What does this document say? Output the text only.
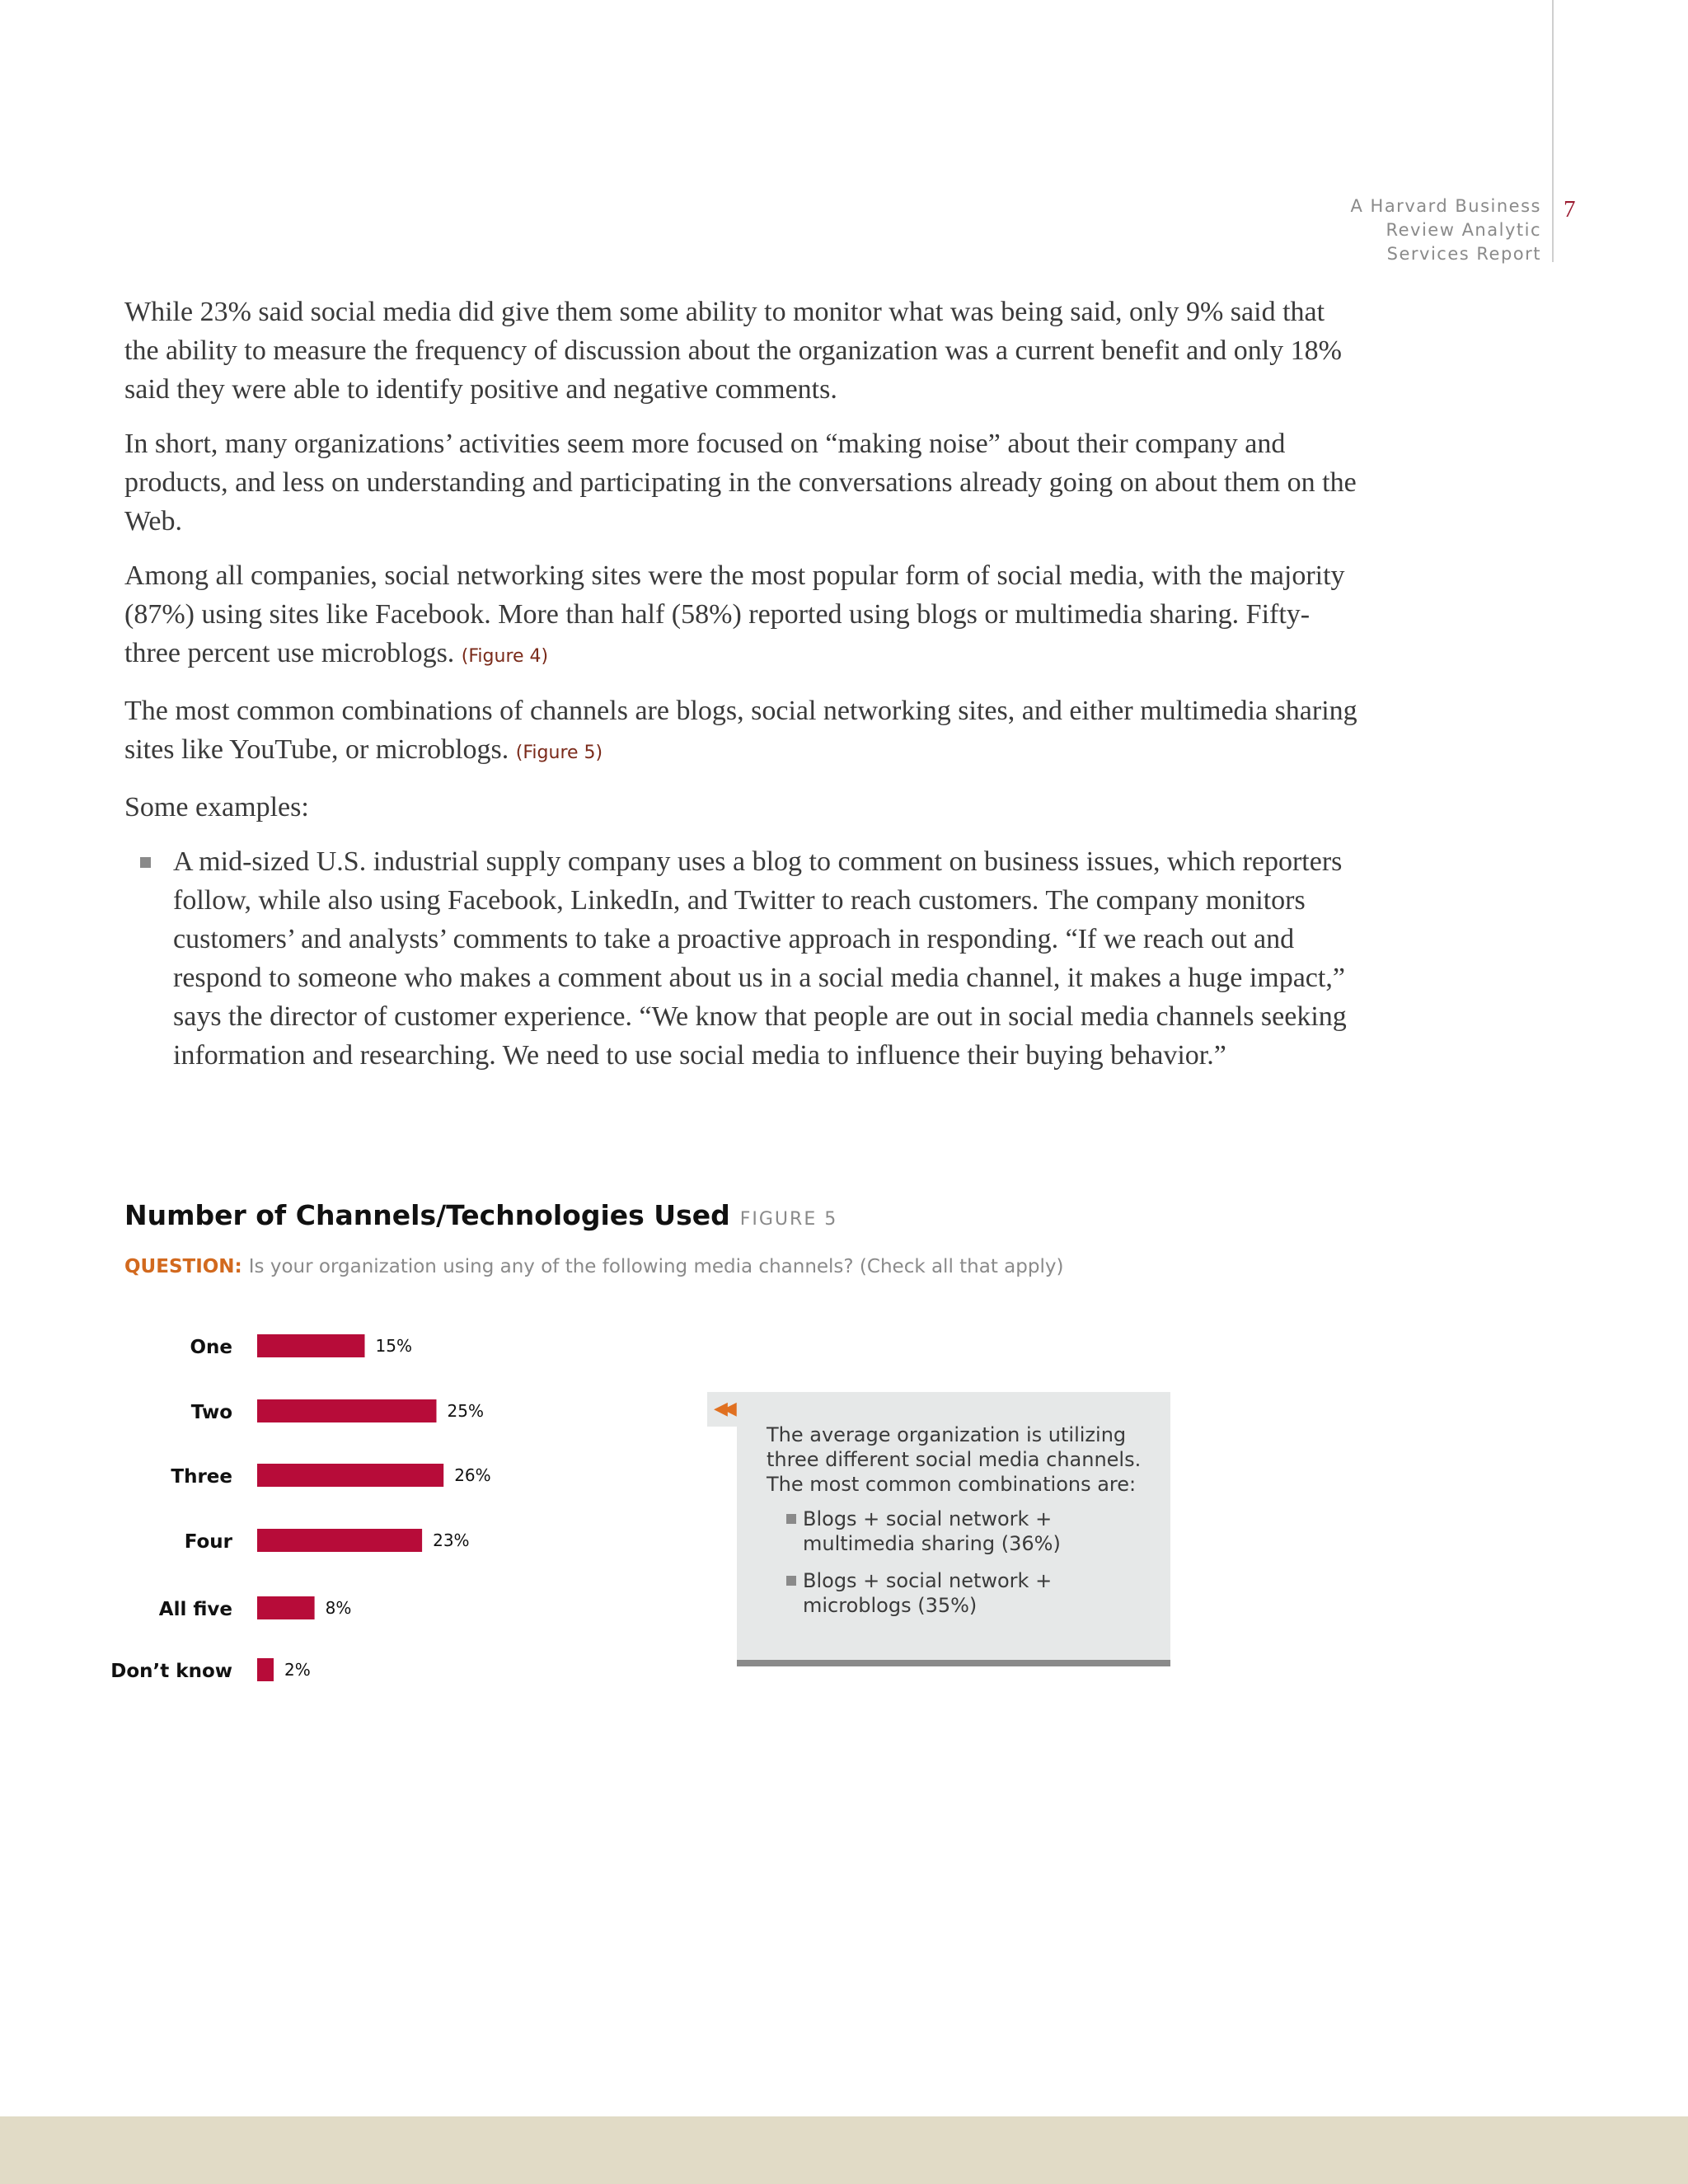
A Harvard Business
Review Analytic
Services Report
7

While 23% said social media did give them some ability to monitor what was being said, only 9% said that the ability to measure the frequency of discussion about the organization was a current benefit and only 18% said they were able to identify positive and negative comments.

In short, many organizations’ activities seem more focused on “making noise” about their company and products, and less on understanding and participating in the conversations already going on about them on the Web.

Among all companies, social networking sites were the most popular form of social media, with the majority (87%) using sites like Facebook. More than half (58%) reported using blogs or multimedia sharing. Fifty-three percent use microblogs. (Figure 4)

The most common combinations of channels are blogs, social networking sites, and either multimedia sharing sites like YouTube, or microblogs. (Figure 5)

Some examples:

A mid-sized U.S. industrial supply company uses a blog to comment on business issues, which reporters follow, while also using Facebook, LinkedIn, and Twitter to reach customers. The company monitors customers’ and analysts’ comments to take a proactive approach in responding. “If we reach out and respond to someone who makes a comment about us in a social media channel, it makes a huge impact,” says the director of customer experience. “We know that people are out in social media channels seeking information and researching. We need to use social media to influence their buying behavior.”
Number of Channels/Technologies Used FIGURE 5
QUESTION: Is your organization using any of the following media channels? (Check all that apply)
One	15%
Two	25%
Three	26%
Four	23%
All five	8%
Don’t know	2%
◀◀
The average organization is utilizing three different social media channels. The most common combinations are:
Blogs + social network + multimedia sharing (36%)
Blogs + social network + microblogs (35%)
